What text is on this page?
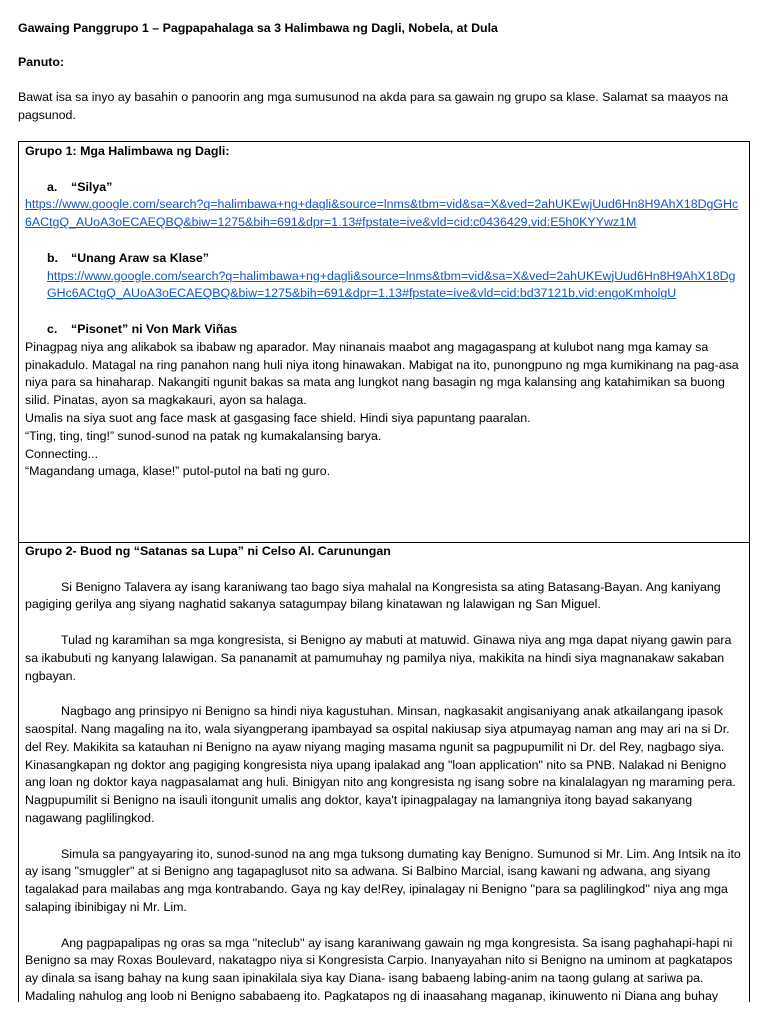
Gawaing Panggrupo 1 – Pagpapahalaga sa 3 Halimbawa ng Dagli, Nobela, at Dula
Panuto:
Bawat isa sa inyo ay basahin o panoorin ang mga sumusunod na akda para sa gawain ng grupo sa klase. Salamat sa maayos na pagsunod.

Grupo 1: Mga Halimbawa ng Dagli:

a. “Silya”

https://www.google.com/search?q=halimbawa+ng+dagli&source=lnms&tbm=vid&sa=X&ved=2ahUKEwjUud6Hn8H9AhX18DgGHc6ACtgQ_AUoA3oECAEQBQ&biw=1275&bih=691&dpr=1.13#fpstate=ive&vld=cid:c0436429,vid:E5h0KYYwz1M

b. “Unang Araw sa Klase”

https://www.google.com/search?q=halimbawa+ng+dagli&source=lnms&tbm=vid&sa=X&ved=2ahUKEwjUud6Hn8H9AhX18DgGHc6ACtgQ_AUoA3oECAEQBQ&biw=1275&bih=691&dpr=1.13#fpstate=ive&vld=cid:bd37121b,vid:engoKmholgU

c. “Pisonet” ni Von Mark Viñas

Pinagpag niya ang alikabok sa ibabaw ng aparador. May ninanais maabot ang magagaspang at kulubot nang mga kamay sa pinakadulo. Matagal na ring panahon nang huli niya itong hinawakan. Mabigat na ito, punongpuno ng mga kumikinang na pag-asa niya para sa hinaharap. Nakangiti ngunit bakas sa mata ang lungkot nang basagin ng mga kalansing ang katahimikan sa buong silid. Pinatas, ayon sa magkakauri, ayon sa halaga.

Umalis na siya suot ang face mask at gasgasing face shield. Hindi siya papuntang paaralan.

“Ting, ting, ting!” sunod-sunod na patak ng kumakalansing barya.

Connecting...

“Magandang umaga, klase!” putol-putol na bati ng guro.

Grupo 2- Buod ng “Satanas sa Lupa” ni Celso Al. Carunungan

Si Benigno Talavera ay isang karaniwang tao bago siya mahalal na Kongresista sa ating Batasang-Bayan. Ang kaniyang pagiging gerilya ang siyang naghatid sakanya satagumpay bilang kinatawan ng lalawigan ng San Miguel.

Tulad ng karamihan sa mga kongresista, si Benigno ay mabuti at matuwid. Ginawa niya ang mga dapat niyang gawin para sa ikabubuti ng kanyang lalawigan. Sa pananamit at pamumuhay ng pamilya niya, makikita na hindi siya magnanakaw sakaban ngbayan.

Nagbago ang prinsipyo ni Benigno sa hindi niya kagustuhan. Minsan, nagkasakit angisaniyang anak atkailangang ipasok saospital. Nang magaling na ito, wala siyangperang ipambayad sa ospital nakiusap siya atpumayag naman ang may ari na si Dr. del Rey. Makikita sa katauhan ni Benigno na ayaw niyang maging masama ngunit sa pagpupumilit ni Dr. del Rey, nagbago siya. Kinasangkapan ng doktor ang pagiging kongresista niya upang ipalakad ang "loan application" nito sa PNB. Nalakad ni Benigno ang loan ng doktor kaya nagpasalamat ang huli. Binigyan nito ang kongresista ng isang sobre na kinalalagyan ng maraming pera. Nagpupumilit si Benigno na isauli itongunit umalis ang doktor, kaya't ipinagpalagay na lamangniya itong bayad sakanyang nagawang paglilingkod.

Simula sa pangyayaring ito, sunod-sunod na ang mga tuksong dumating kay Benigno. Sumunod si Mr. Lim. Ang Intsik na ito ay isang "smuggler" at si Benigno ang tagapaglusot nito sa adwana. Si Balbino Marcial, isang kawani ng adwana, ang siyang tagalakad para mailabas ang mga kontrabando. Gaya ng kay de!Rey, ipinalagay ni Benigno ''para sa paglilingkod'' niya ang mga salaping ibinibigay ni Mr. Lim.

Ang pagpapalipas ng oras sa mga ''niteclub'' ay isang karaniwang gawain ng mga kongresista. Sa isang paghahapi-hapi ni Benigno sa may Roxas Boulevard, nakatagpo niya si Kongresista Carpio. Inanyayahan nito si Benigno na uminom at pagkatapos ay dinala sa isang bahay na kung saan ipinakilala siya kay Diana- isang babaeng labing-anim na taong gulang at sariwa pa. Madaling nahulog ang loob ni Benigno sababaeng ito. Pagkatapos ng di inaasahang maganap, ikinuwento ni Diana ang buhay
